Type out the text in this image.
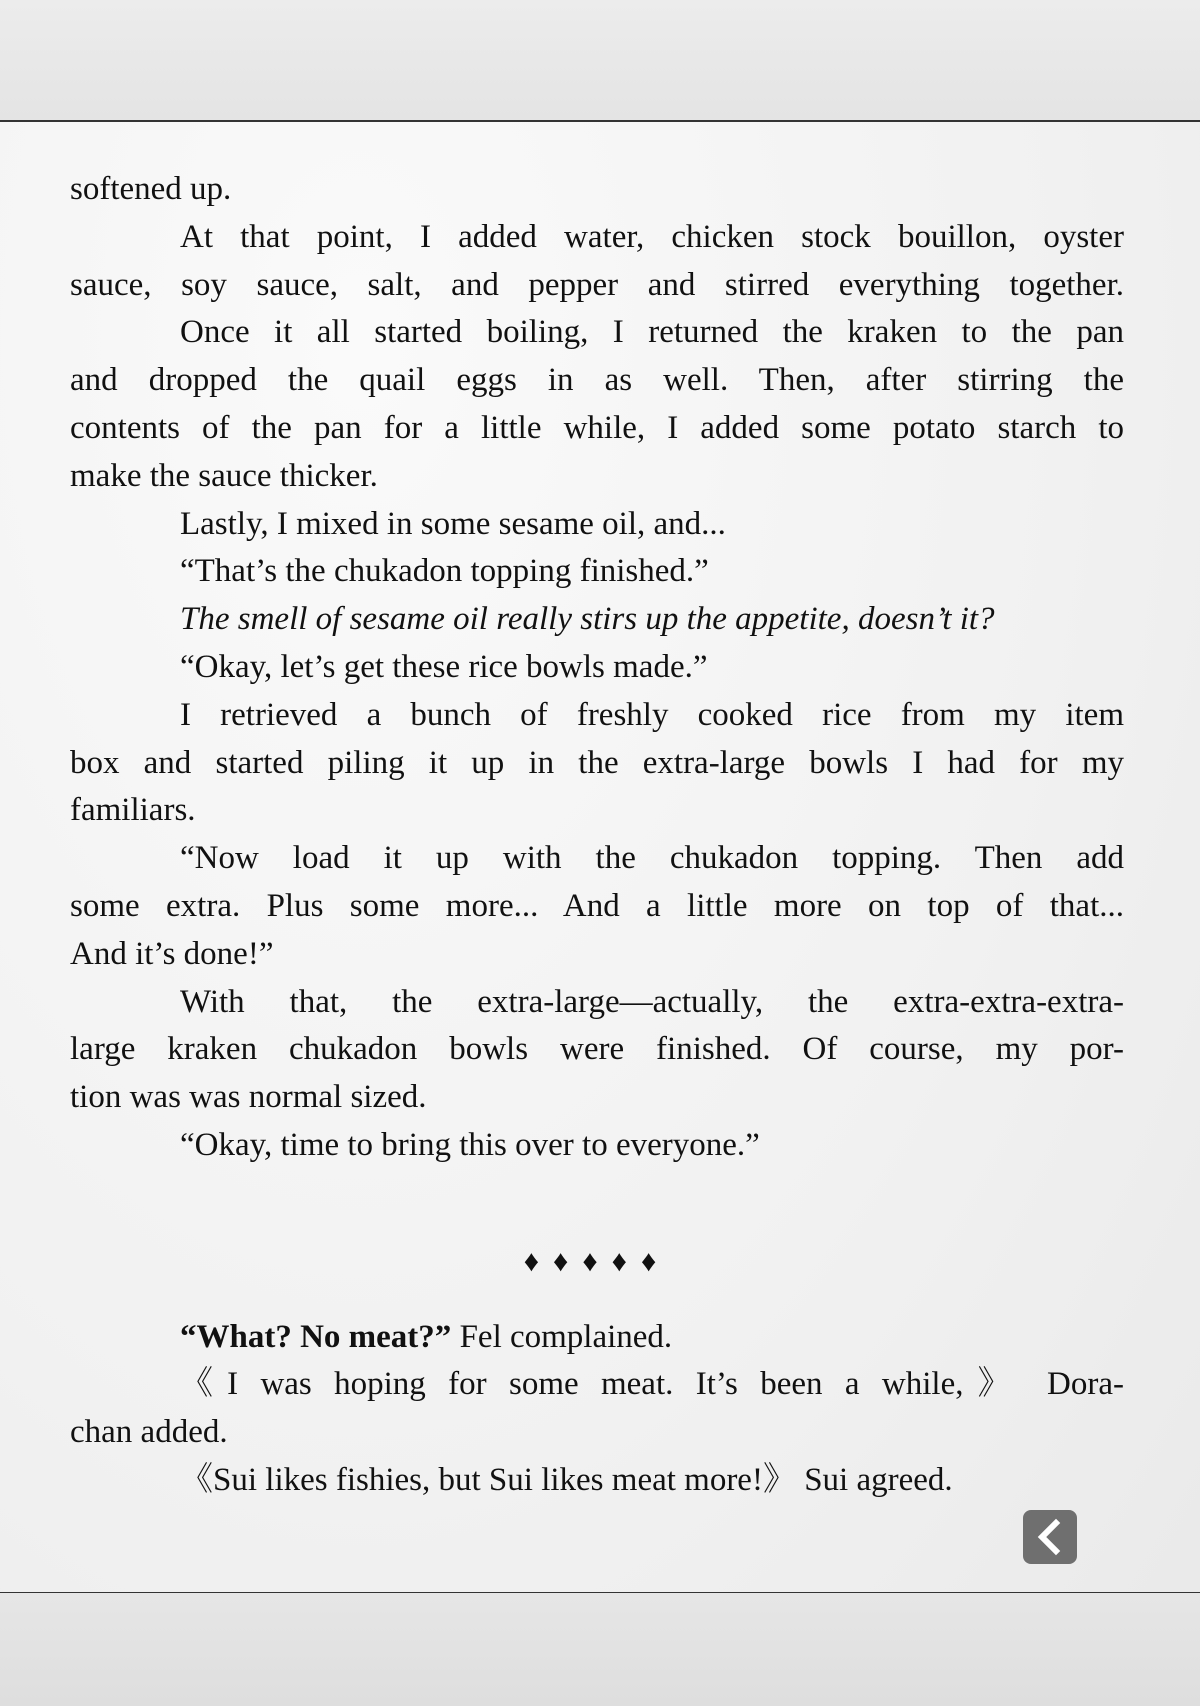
softened up.
At that point, I added water, chicken stock bouillon, oyster
sauce, soy sauce, salt, and pepper and stirred everything together.
Once it all started boiling, I returned the kraken to the pan
and dropped the quail eggs in as well. Then, after stirring the
contents of the pan for a little while, I added some potato starch to
make the sauce thicker.
Lastly, I mixed in some sesame oil, and...
“That’s the chukadon topping finished.”
The smell of sesame oil really stirs up the appetite, doesn’t it?
“Okay, let’s get these rice bowls made.”
I retrieved a bunch of freshly cooked rice from my item
box and started piling it up in the extra-large bowls I had for my
familiars.
“Now load it up with the chukadon topping. Then add
some extra. Plus some more... And a little more on top of that...
And it’s done!”
With that, the extra-large—actually, the extra-extra-extra-
large kraken chukadon bowls were finished. Of course, my por-
tion was was normal sized.
“Okay, time to bring this over to everyone.”
♦♦♦♦♦
“What? No meat?” Fel complained.
《I was hoping for some meat. It’s been a while,》 Dora-
chan added.
《Sui likes fishies, but Sui likes meat more!》 Sui agreed.
